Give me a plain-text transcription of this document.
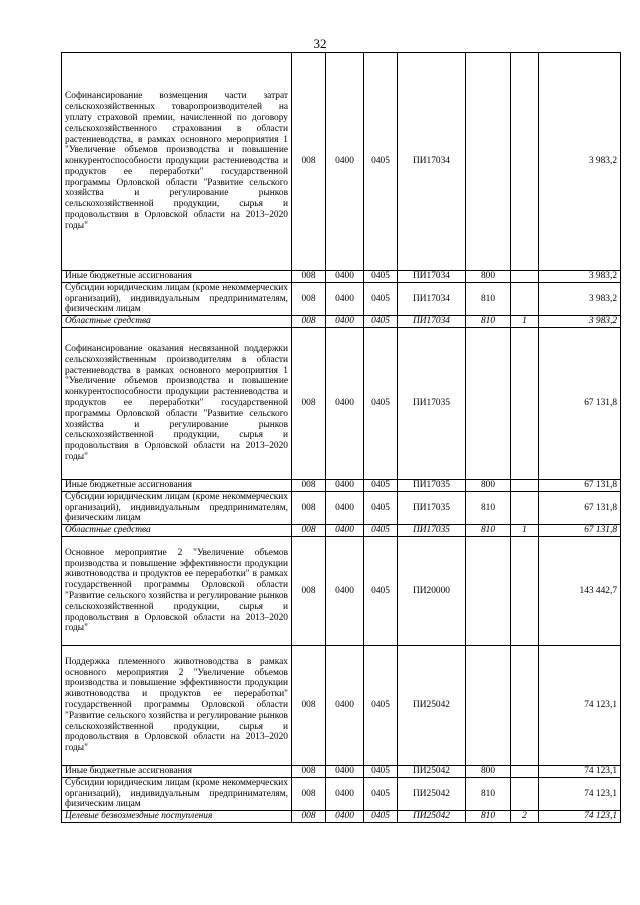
32
Софинансирование возмещения части затрат сельскохозяйственных товаропроизводителей на уплату страховой премии, начисленной по договору сельскохозяйственного страхования в области растениеводства, в рамках основного мероприятия 1 "Увеличение объемов производства и повышение конкурентоспособности продукции растениеводства и продуктов ее переработки" государственной программы Орловской области "Развитие сельского хозяйства и регулирование рынков сельскохозяйственной продукции, сырья и продовольствия в Орловской области на 2013–2020 годы"	008	0400	0405	ПИ17034			3 983,2
Иные бюджетные ассигнования	008	0400	0405	ПИ17034	800		3 983,2
Субсидии юридическим лицам (кроме некоммерческих организаций), индивидуальным предпринимателям, физическим лицам	008	0400	0405	ПИ17034	810		3 983,2
Областные средства	008	0400	0405	ПИ17034	810	1	3 983,2
Софинансирование оказания несвязанной поддержки сельскохозяйственным производителям в области растениеводства в рамках основного мероприятия 1 "Увеличение объемов производства и повышение конкурентоспособности продукции растениеводства и продуктов ее переработки" государственной программы Орловской области "Развитие сельского хозяйства и регулирование рынков сельскохозяйственной продукции, сырья и продовольствия в Орловской области на 2013–2020 годы"	008	0400	0405	ПИ17035			67 131,8
Иные бюджетные ассигнования	008	0400	0405	ПИ17035	800		67 131,8
Субсидии юридическим лицам (кроме некоммерческих организаций), индивидуальным предпринимателям, физическим лицам	008	0400	0405	ПИ17035	810		67 131,8
Областные средства	008	0400	0405	ПИ17035	810	1	67 131,8
Основное мероприятие 2 "Увеличение объемов производства и повышение эффективности продукции животноводства и продуктов ее переработки" в рамках государственной программы Орловской области "Развитие сельского хозяйства и регулирование рынков сельскохозяйственной продукции, сырья и продовольствия в Орловской области на 2013–2020 годы"	008	0400	0405	ПИ20000			143 442,7
Поддержка племенного животноводства в рамках основного мероприятия 2 "Увеличение объемов производства и повышение эффективности продукции животноводства и продуктов ее переработки" государственной программы Орловской области "Развитие сельского хозяйства и регулирование рынков сельскохозяйственной продукции, сырья и продовольствия в Орловской области на 2013–2020 годы"	008	0400	0405	ПИ25042			74 123,1
Иные бюджетные ассигнования	008	0400	0405	ПИ25042	800		74 123,1
Субсидии юридическим лицам (кроме некоммерческих организаций), индивидуальным предпринимателям, физическим лицам	008	0400	0405	ПИ25042	810		74 123,1
Целевые безвозмездные поступления	008	0400	0405	ПИ25042	810	2	74 123,1
